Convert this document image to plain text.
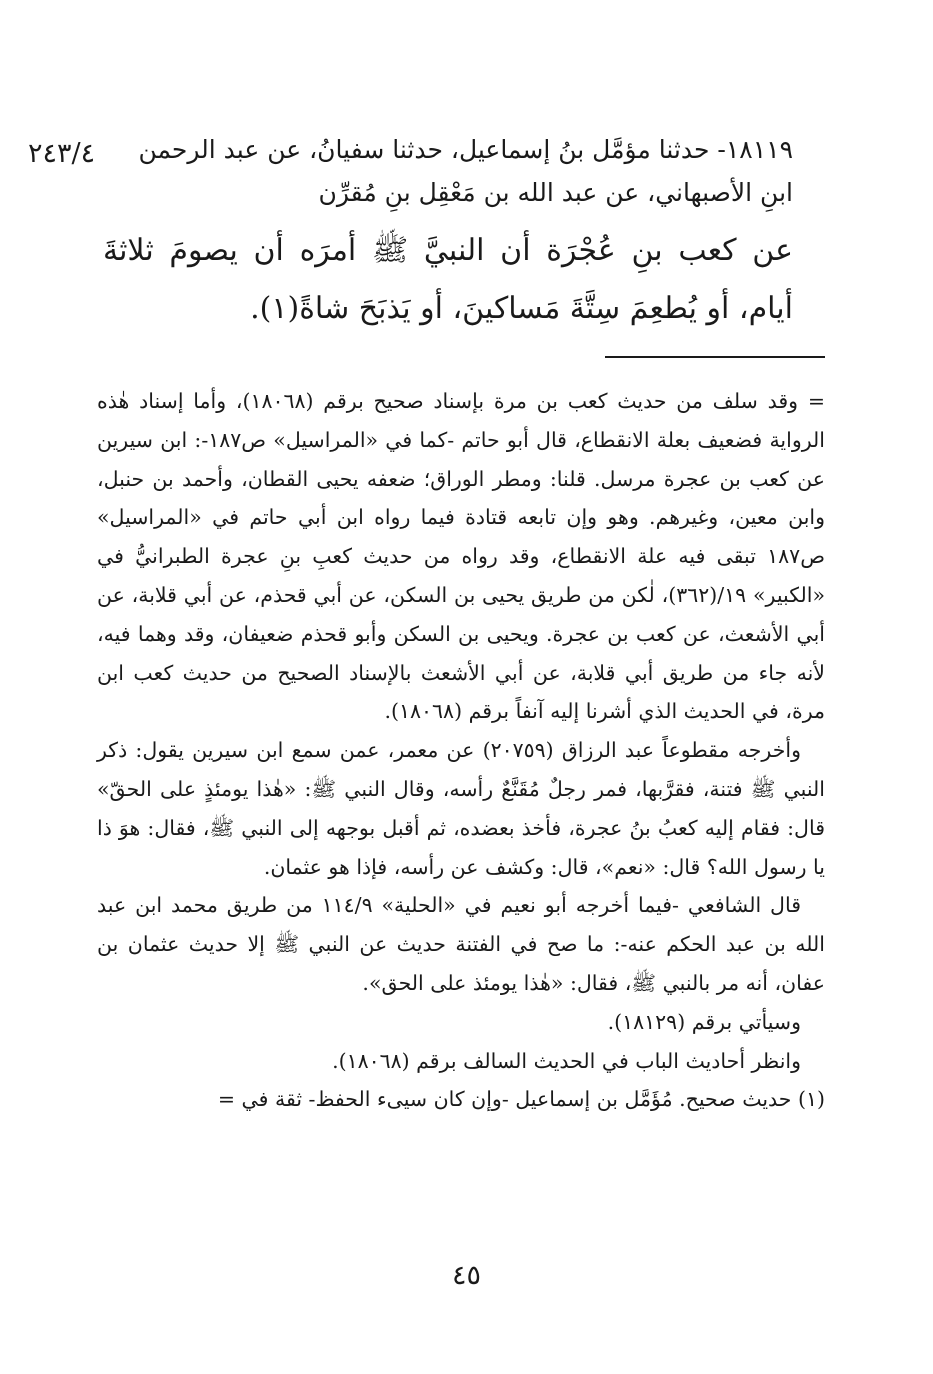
٢٤٣/٤	١٨١١٩- حدثنا مؤمَّل بنُ إسماعيل، حدثنا سفيانُ، عن عبد الرحمن

ابنِ الأصبهاني، عن عبد الله بن مَعْقِل بنِ مُقرِّن

عن كعب بنِ عُجْرَة أن النبيَّ ﷺ أمرَه أن يصومَ ثلاثةَ أيام، أو يُطعِمَ سِتَّةَ مَساكينَ، أو يَذبَحَ شاةً(١).

= وقد سلف من حديث كعب بن مرة بإسناد صحيح برقم (١٨٠٦٨)، وأما إسناد هٰذه الرواية فضعيف بعلة الانقطاع، قال أبو حاتم -كما في «المراسيل» ص١٨٧-: ابن سيرين عن كعب بن عجرة مرسل. قلنا: ومطر الوراق؛ ضعفه يحيى القطان، وأحمد بن حنبل، وابن معين، وغيرهم. وهو وإن تابعه قتادة فيما رواه ابن أبي حاتم في «المراسيل» ص١٨٧ تبقى فيه علة الانقطاع، وقد رواه من حديث كعبِ بنِ عجرة الطبرانيُّ في «الكبير» ١٩/(٣٦٢)، لٰكن من طريق يحيى بن السكن، عن أبي قحذم، عن أبي قلابة، عن أبي الأشعث، عن كعب بن عجرة. ويحيى بن السكن وأبو قحذم ضعيفان، وقد وهما فيه، لأنه جاء من طريق أبي قلابة، عن أبي الأشعث بالإسناد الصحيح من حديث كعب ابن مرة، في الحديث الذي أشرنا إليه آنفاً برقم (١٨٠٦٨).

وأخرجه مقطوعاً عبد الرزاق (٢٠٧٥٩) عن معمر، عمن سمع ابن سيرين يقول: ذكر النبي ﷺ فتنة، فقرَّبها، فمر رجلٌ مُقَنَّعٌ رأسه، وقال النبي ﷺ: «هٰذا يومئذٍ على الحقّ» قال: فقام إليه كعبُ بنُ عجرة، فأخذ بعضده، ثم أقبل بوجهه إلى النبي ﷺ، فقال: هوَ ذا يا رسول الله؟ قال: «نعم»، قال: وكشف عن رأسه، فإذا هو عثمان.

قال الشافعي -فيما أخرجه أبو نعيم في «الحلية» ١١٤/٩ من طريق محمد ابن عبد الله بن عبد الحكم عنه-: ما صح في الفتنة حديث عن النبي ﷺ إلا حديث عثمان بن عفان، أنه مر بالنبي ﷺ، فقال: «هٰذا يومئذ على الحق».

وسيأتي برقم (١٨١٢٩).

وانظر أحاديث الباب في الحديث السالف برقم (١٨٠٦٨).

(١) حديث صحيح. مُؤَمَّل بن إسماعيل -وإن كان سيىء الحفظ- ثقة في =

٤٥
